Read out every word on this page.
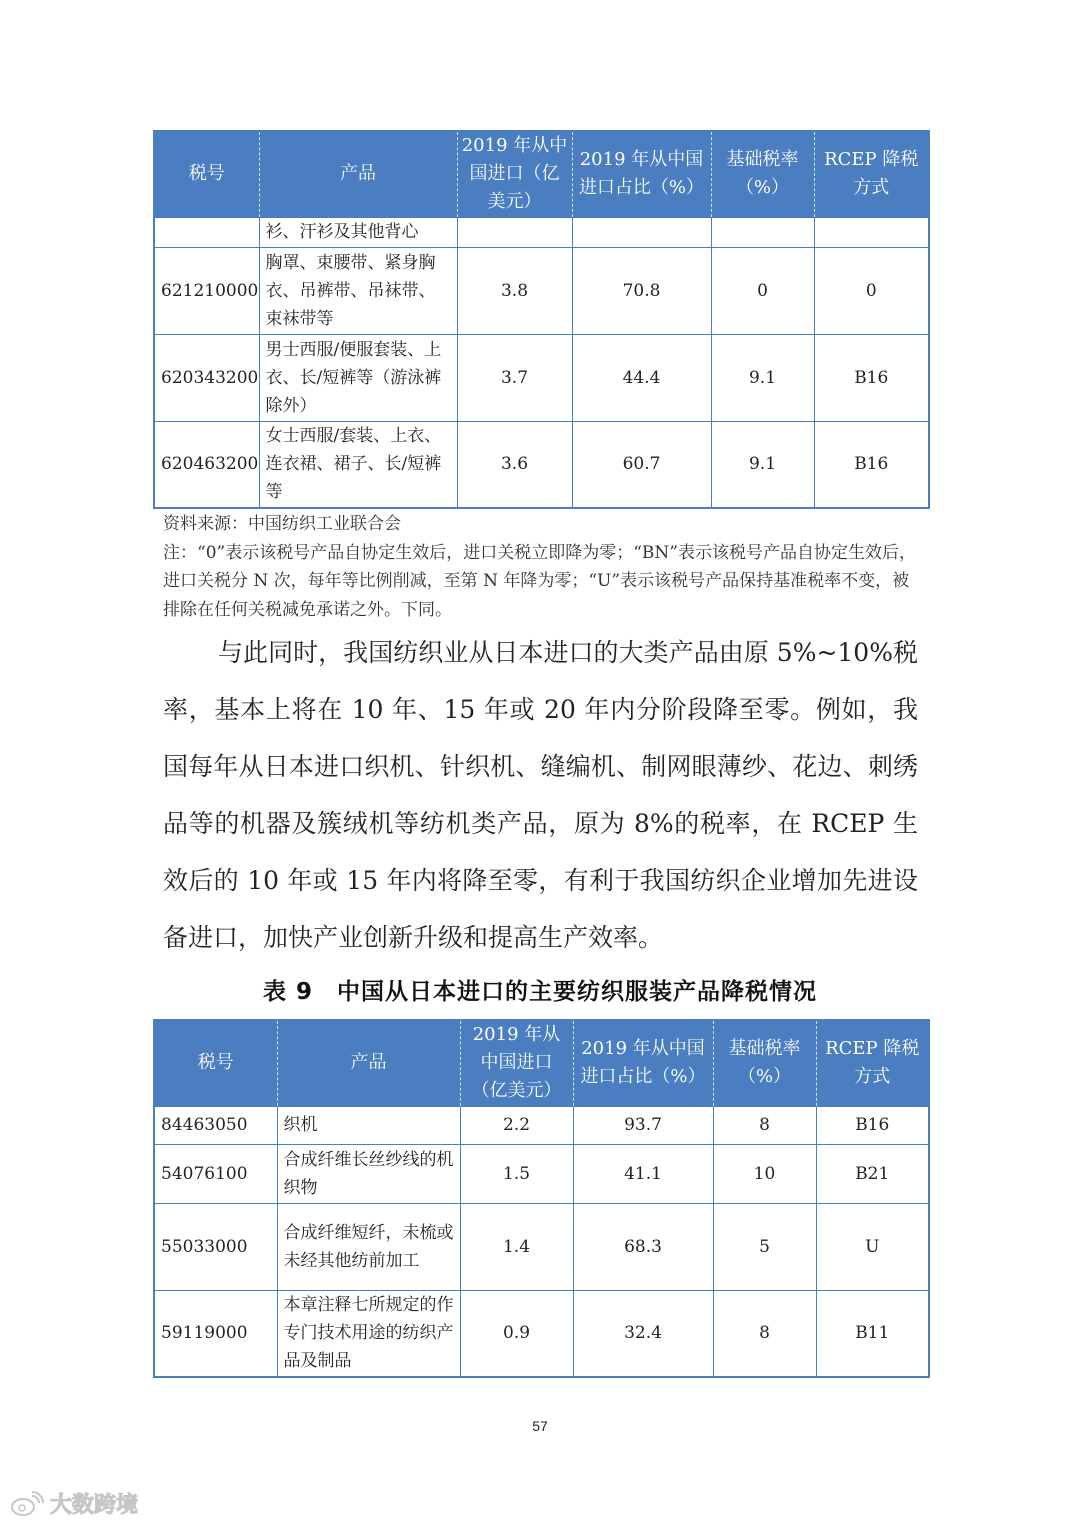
税号	产品	2019 年从中国进口（亿美元）	2019 年从中国进口占比（%）	基础税率（%）	RCEP 降税方式
	衫、汗衫及其他背心				
621210000	胸罩、束腰带、紧身胸衣、吊裤带、吊袜带、束袜带等	3.8	70.8	0	0
620343200	男士西服/便服套装、上衣、长/短裤等（游泳裤除外）	3.7	44.4	9.1	B16
620463200	女士西服/套装、上衣、连衣裙、裙子、长/短裤等	3.6	60.7	9.1	B16

资料来源：中国纺织工业联合会

注：“0”表示该税号产品自协定生效后，进口关税立即降为零；“BN”表示该税号产品自协定生效后，进口关税分 N 次，每年等比例削减，至第 N 年降为零；“U”表示该税号产品保持基准税率不变，被排除在任何关税减免承诺之外。下同。

与此同时，我国纺织业从日本进口的大类产品由原 5%~10%税率，基本上将在 10 年、15 年或 20 年内分阶段降至零。例如，我国每年从日本进口织机、针织机、缝编机、制网眼薄纱、花边、刺绣品等的机器及簇绒机等纺机类产品，原为 8%的税率，在 RCEP 生效后的 10 年或 15 年内将降至零，有利于我国纺织企业增加先进设备进口，加快产业创新升级和提高生产效率。

表 9　中国从日本进口的主要纺织服装产品降税情况
税号	产品	2019 年从中国进口（亿美元）	2019 年从中国进口占比（%）	基础税率（%）	RCEP 降税方式
84463050	织机	2.2	93.7	8	B16
54076100	合成纤维长丝纱线的机织物	1.5	41.1	10	B21
55033000	合成纤维短纤，未梳或未经其他纺前加工	1.4	68.3	5	U
59119000	本章注释七所规定的作专门技术用途的纺织产品及制品	0.9	32.4	8	B11
57
大数跨境
